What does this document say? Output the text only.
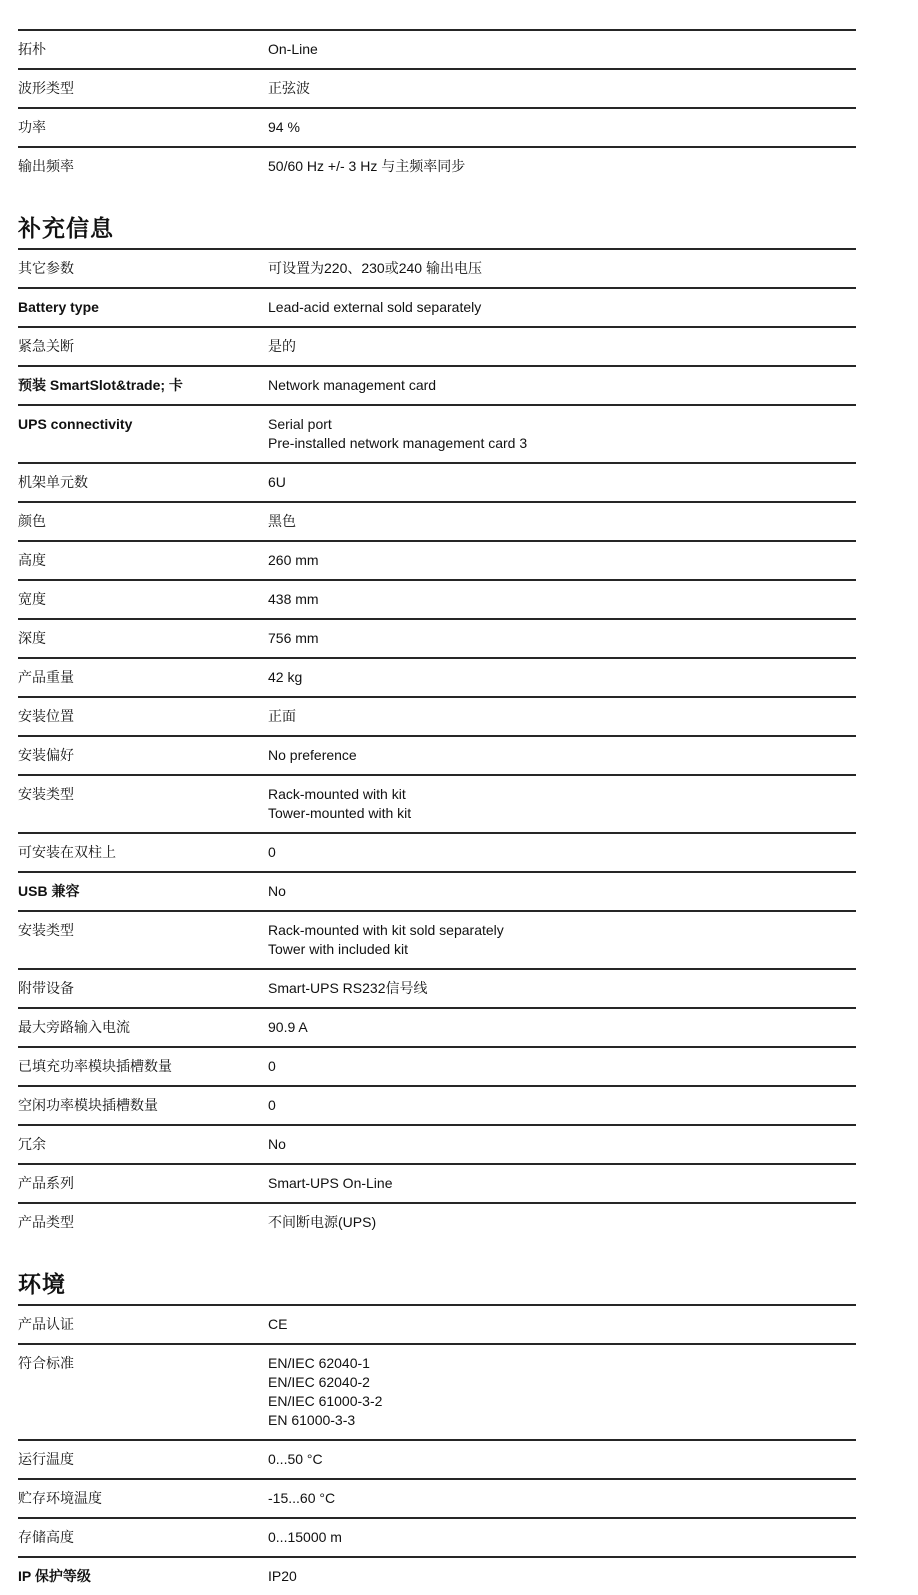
拓朴	On-Line
波形类型	正弦波
功率	94 %
输出频率	50/60 Hz +/- 3 Hz 与主频率同步
补充信息
其它参数	可设置为220、230或240 输出电压
Battery type	Lead-acid external sold separately
紧急关断	是的
预装 SmartSlot&trade; 卡	Network management card
UPS connectivity	Serial port
Pre-installed network management card 3
机架单元数	6U
颜色	黑色
高度	260 mm
宽度	438 mm
深度	756 mm
产品重量	42 kg
安装位置	正面
安装偏好	No preference
安装类型	Rack-mounted with kit
Tower-mounted with kit
可安装在双柱上	0
USB 兼容	No
安装类型	Rack-mounted with kit sold separately
Tower with included kit
附带设备	Smart-UPS RS232信号线
最大旁路输入电流	90.9 A
已填充功率模块插槽数量	0
空闲功率模块插槽数量	0
冗余	No
产品系列	Smart-UPS On-Line
产品类型	不间断电源(UPS)
环境
产品认证	CE
符合标准	EN/IEC 62040-1
EN/IEC 62040-2
EN/IEC 61000-3-2
EN 61000-3-3
运行温度	0...50 °C
贮存环境温度	-15...60 °C
存储高度	0...15000 m
IP 保护等级	IP20
